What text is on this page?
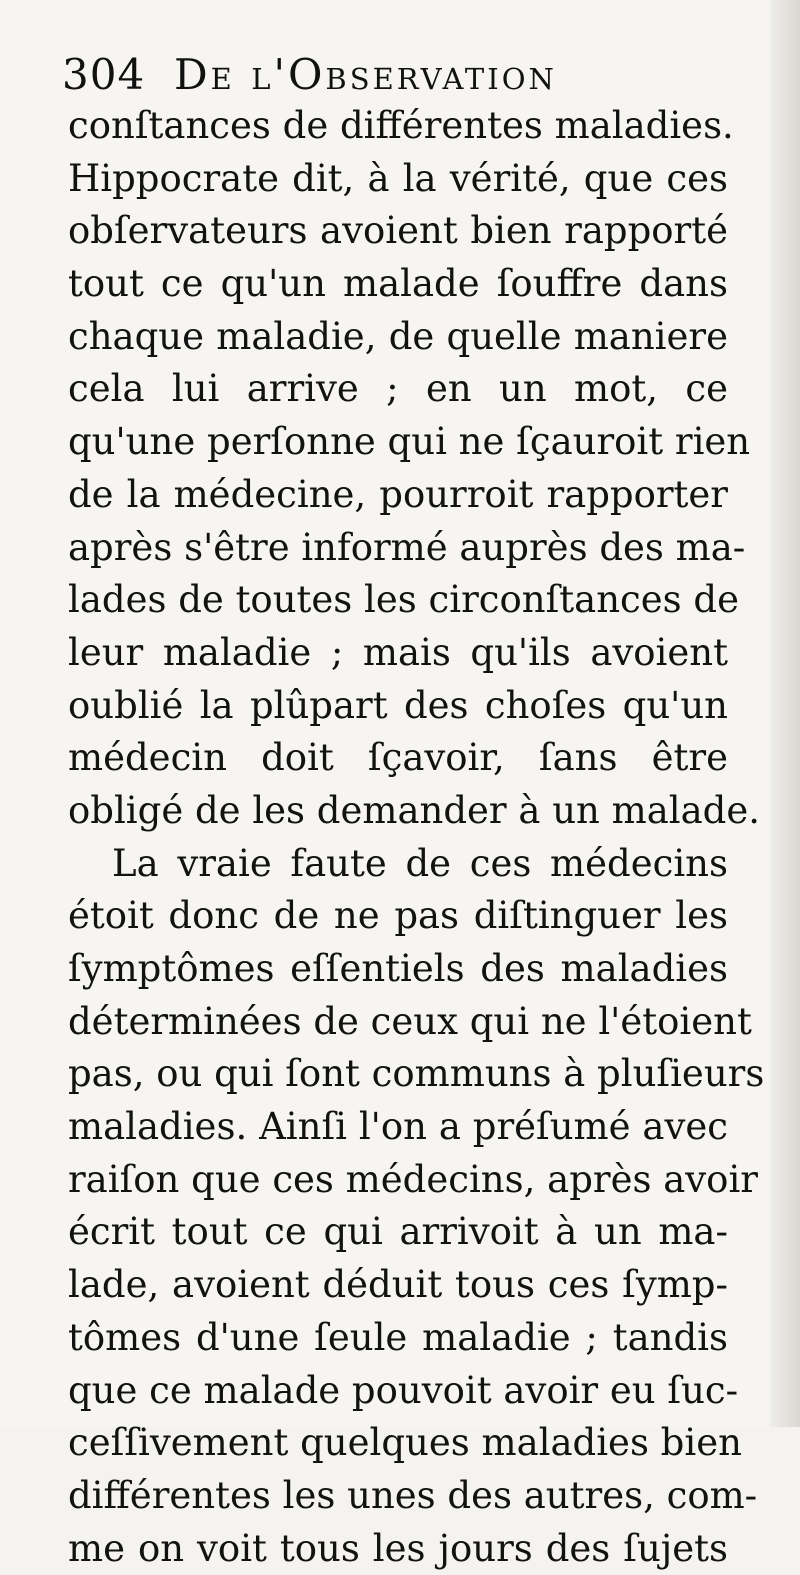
304 De l'Observation
conſtances de différentes maladies.
Hippocrate dit, à la vérité, que ces
obſervateurs avoient bien rapporté
tout ce qu'un malade ſouffre dans
chaque maladie, de quelle maniere
cela lui arrive ; en un mot, ce
qu'une perſonne qui ne ſçauroit rien
de la médecine, pourroit rapporter
après s'être informé auprès des ma-
lades de toutes les circonſtances de
leur maladie ; mais qu'ils avoient
oublié la plûpart des choſes qu'un
médecin doit ſçavoir, ſans être
obligé de les demander à un malade.
La vraie faute de ces médecins
étoit donc de ne pas diſtinguer les
ſymptômes eſſentiels des maladies
déterminées de ceux qui ne l'étoient
pas, ou qui ſont communs à pluſieurs
maladies. Ainſi l'on a préſumé avec
raiſon que ces médecins, après avoir
écrit tout ce qui arrivoit à un ma-
lade, avoient déduit tous ces ſymp-
tômes d'une ſeule maladie ; tandis
que ce malade pouvoit avoir eu ſuc-
ceſſivement quelques maladies bien
différentes les unes des autres, com-
me on voit tous les jours des ſujets
